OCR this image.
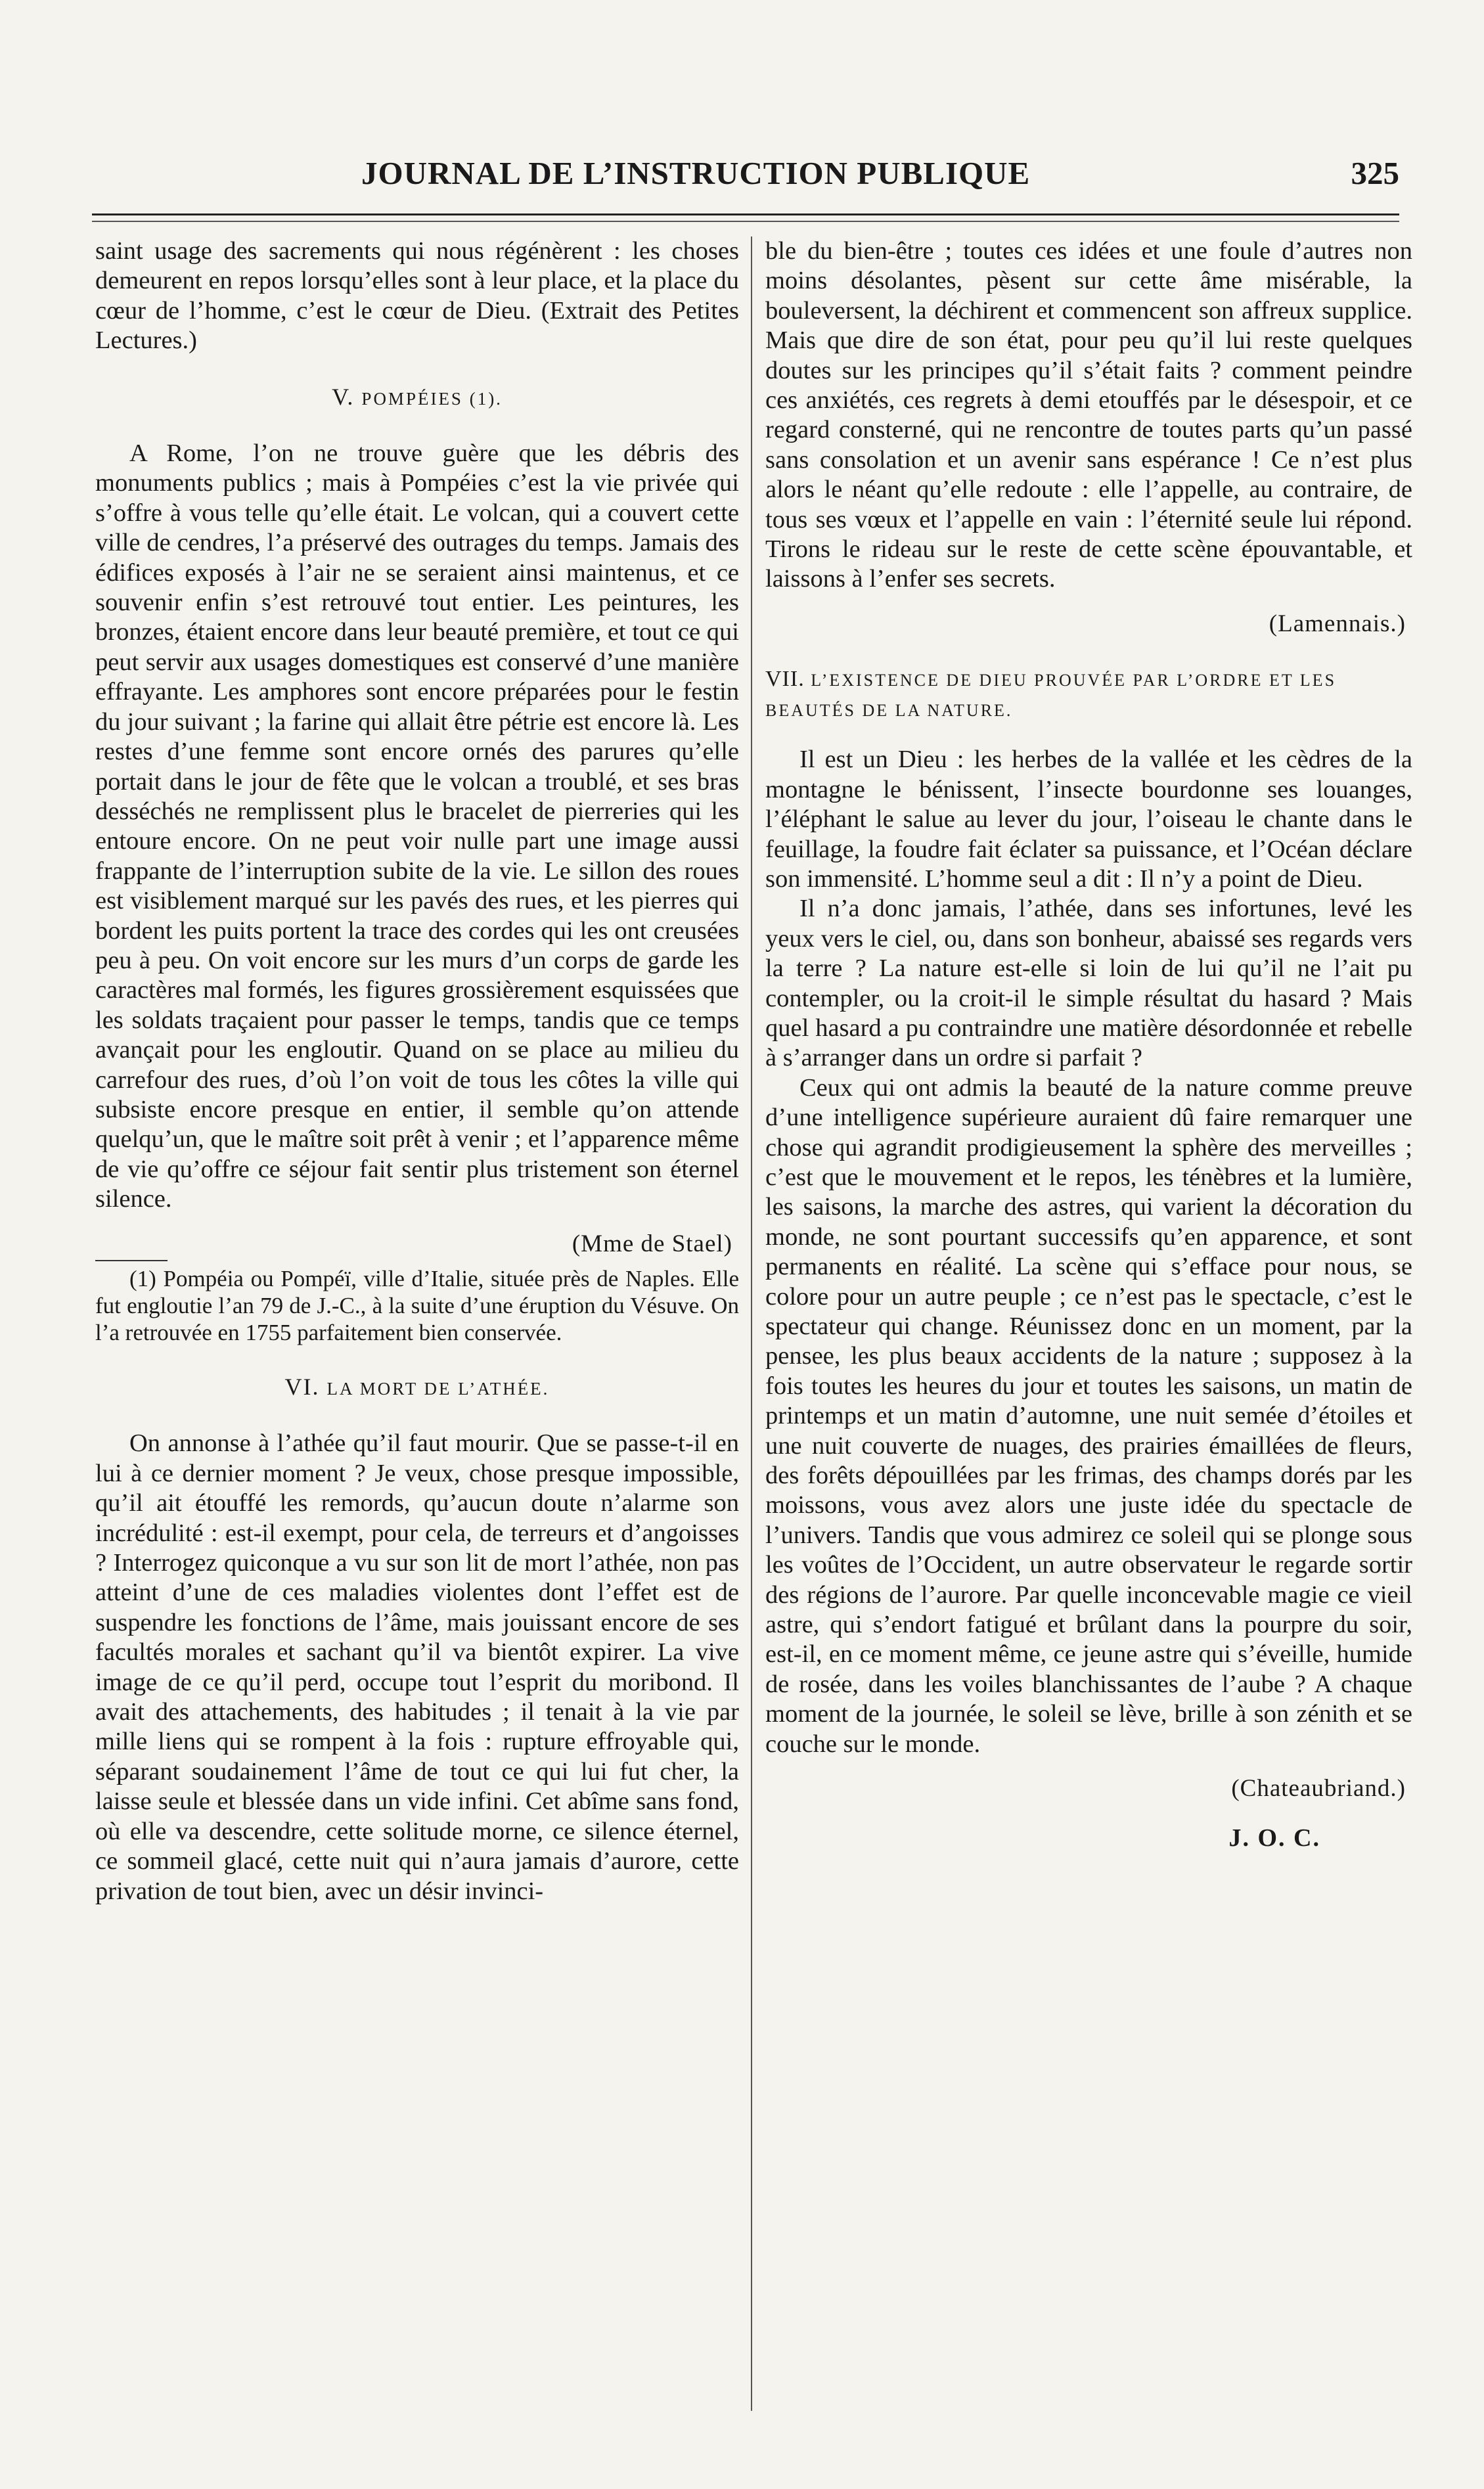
JOURNAL DE L’INSTRUCTION PUBLIQUE	325

saint usage des sacrements qui nous régénèrent : les choses demeurent en repos lorsqu’elles sont à leur place, et la place du cœur de l’homme, c’est le cœur de Dieu. (Extrait des Petites Lectures.)

V. POMPÉIES (1).

A Rome, l’on ne trouve guère que les débris des monuments publics ; mais à Pompéies c’est la vie privée qui s’offre à vous telle qu’elle était. Le volcan, qui a couvert cette ville de cendres, l’a préservé des outrages du temps. Jamais des édifices exposés à l’air ne se seraient ainsi maintenus, et ce souvenir enfin s’est retrouvé tout entier. Les peintures, les bronzes, étaient encore dans leur beauté première, et tout ce qui peut servir aux usages domestiques est conservé d’une manière effrayante. Les amphores sont encore préparées pour le festin du jour suivant ; la farine qui allait être pétrie est encore là. Les restes d’une femme sont encore ornés des parures qu’elle portait dans le jour de fête que le volcan a troublé, et ses bras desséchés ne remplissent plus le bracelet de pierreries qui les entoure encore. On ne peut voir nulle part une image aussi frappante de l’interruption subite de la vie. Le sillon des roues est visiblement marqué sur les pavés des rues, et les pierres qui bordent les puits portent la trace des cordes qui les ont creusées peu à peu. On voit encore sur les murs d’un corps de garde les caractères mal formés, les figures grossièrement esquissées que les soldats traçaient pour passer le temps, tandis que ce temps avançait pour les engloutir. Quand on se place au milieu du carrefour des rues, d’où l’on voit de tous les côtes la ville qui subsiste encore presque en entier, il semble qu’on attende quelqu’un, que le maître soit prêt à venir ; et l’apparence même de vie qu’offre ce séjour fait sentir plus tristement son éternel silence.

(Mme de Stael)

(1) Pompéia ou Pompéï, ville d’Italie, située près de Naples. Elle fut engloutie l’an 79 de J.-C., à la suite d’une éruption du Vésuve. On l’a retrouvée en 1755 parfaitement bien conservée.

VI. LA MORT DE L’ATHÉE.

On annonse à l’athée qu’il faut mourir. Que se passe-t-il en lui à ce dernier moment ? Je veux, chose presque impossible, qu’il ait étouffé les remords, qu’aucun doute n’alarme son incrédulité : est-il exempt, pour cela, de terreurs et d’angoisses ? Interrogez quiconque a vu sur son lit de mort l’athée, non pas atteint d’une de ces maladies violentes dont l’effet est de suspendre les fonctions de l’âme, mais jouissant encore de ses facultés morales et sachant qu’il va bientôt expirer. La vive image de ce qu’il perd, occupe tout l’esprit du moribond. Il avait des attachements, des habitudes ; il tenait à la vie par mille liens qui se rompent à la fois : rupture effroyable qui, séparant soudainement l’âme de tout ce qui lui fut cher, la laisse seule et blessée dans un vide infini. Cet abîme sans fond, où elle va descendre, cette solitude morne, ce silence éternel, ce sommeil glacé, cette nuit qui n’aura jamais d’aurore, cette privation de tout bien, avec un désir invinci-

ble du bien-être ; toutes ces idées et une foule d’autres non moins désolantes, pèsent sur cette âme misérable, la bouleversent, la déchirent et commencent son affreux supplice. Mais que dire de son état, pour peu qu’il lui reste quelques doutes sur les principes qu’il s’était faits ? comment peindre ces anxiétés, ces regrets à demi etouffés par le désespoir, et ce regard consterné, qui ne rencontre de toutes parts qu’un passé sans consolation et un avenir sans espérance ! Ce n’est plus alors le néant qu’elle redoute : elle l’appelle, au contraire, de tous ses vœux et l’appelle en vain : l’éternité seule lui répond. Tirons le rideau sur le reste de cette scène épouvantable, et laissons à l’enfer ses secrets.

(Lamennais.)
VII. L’EXISTENCE DE DIEU PROUVÉE PAR L’ORDRE ET LES BEAUTÉS DE LA NATURE.

Il est un Dieu : les herbes de la vallée et les cèdres de la montagne le bénissent, l’insecte bourdonne ses louanges, l’éléphant le salue au lever du jour, l’oiseau le chante dans le feuillage, la foudre fait éclater sa puissance, et l’Océan déclare son immensité. L’homme seul a dit : Il n’y a point de Dieu.

Il n’a donc jamais, l’athée, dans ses infortunes, levé les yeux vers le ciel, ou, dans son bonheur, abaissé ses regards vers la terre ? La nature est-elle si loin de lui qu’il ne l’ait pu contempler, ou la croit-il le simple résultat du hasard ? Mais quel hasard a pu contraindre une matière désordonnée et rebelle à s’arranger dans un ordre si parfait ?

Ceux qui ont admis la beauté de la nature comme preuve d’une intelligence supérieure auraient dû faire remarquer une chose qui agrandit prodigieusement la sphère des merveilles ; c’est que le mouvement et le repos, les ténèbres et la lumière, les saisons, la marche des astres, qui varient la décoration du monde, ne sont pourtant successifs qu’en apparence, et sont permanents en réalité. La scène qui s’efface pour nous, se colore pour un autre peuple ; ce n’est pas le spectacle, c’est le spectateur qui change. Réunissez donc en un moment, par la pensee, les plus beaux accidents de la nature ; supposez à la fois toutes les heures du jour et toutes les saisons, un matin de printemps et un matin d’automne, une nuit semée d’étoiles et une nuit couverte de nuages, des prairies émaillées de fleurs, des forêts dépouillées par les frimas, des champs dorés par les moissons, vous avez alors une juste idée du spectacle de l’univers. Tandis que vous admirez ce soleil qui se plonge sous les voûtes de l’Occident, un autre observateur le regarde sortir des régions de l’aurore. Par quelle inconcevable magie ce vieil astre, qui s’endort fatigué et brûlant dans la pourpre du soir, est-il, en ce moment même, ce jeune astre qui s’éveille, humide de rosée, dans les voiles blanchissantes de l’aube ? A chaque moment de la journée, le soleil se lève, brille à son zénith et se couche sur le monde.

(Chateaubriand.)
J. O. C.
